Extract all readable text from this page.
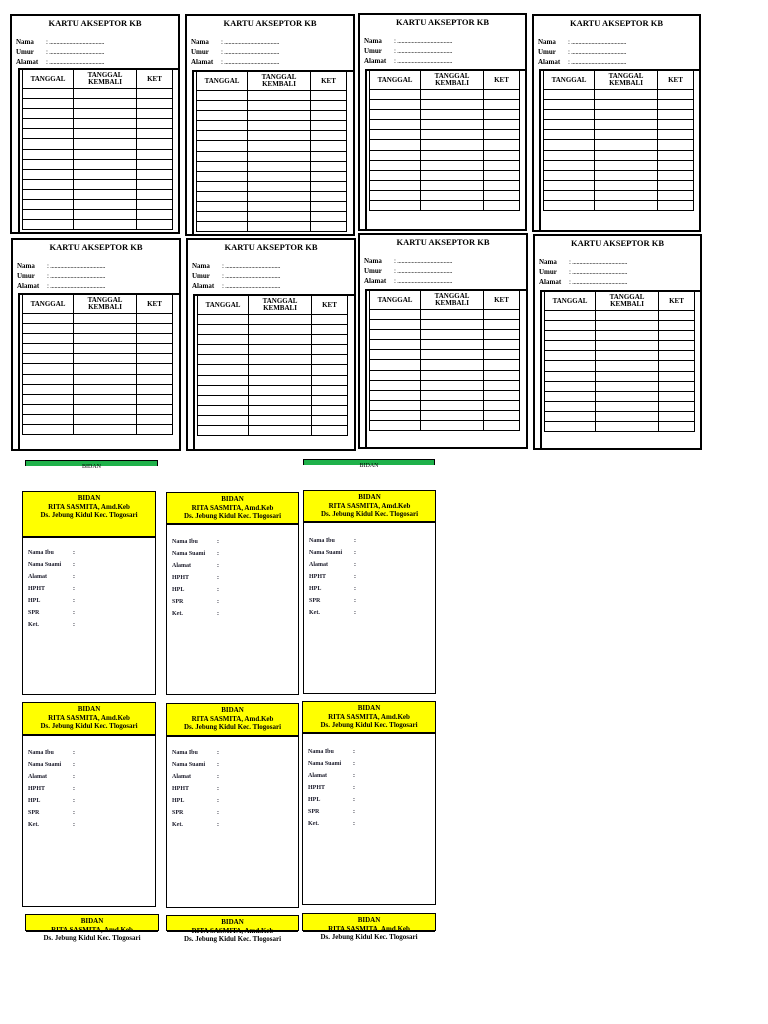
KARTU AKSEPTOR KB
Nama : ......................................
Umur : ......................................
Alamat : ......................................
TANGGAL	TANGGAL KEMBALI	KET

KARTU AKSEPTOR KB
Nama : ......................................
Umur : ......................................
Alamat : ......................................
TANGGAL	TANGGAL KEMBALI	KET

KARTU AKSEPTOR KB
Nama : ......................................
Umur : ......................................
Alamat : ......................................
TANGGAL	TANGGAL KEMBALI	KET

KARTU AKSEPTOR KB
Nama : ......................................
Umur : ......................................
Alamat : ......................................
TANGGAL	TANGGAL KEMBALI	KET

KARTU AKSEPTOR KB
Nama : ......................................
Umur : ......................................
Alamat : ......................................
TANGGAL	TANGGAL KEMBALI	KET

KARTU AKSEPTOR KB
Nama : ......................................
Umur : ......................................
Alamat : ......................................
TANGGAL	TANGGAL KEMBALI	KET

KARTU AKSEPTOR KB
Nama : ......................................
Umur : ......................................
Alamat : ......................................
TANGGAL	TANGGAL KEMBALI	KET

KARTU AKSEPTOR KB
Nama : ......................................
Umur : ......................................
Alamat : ......................................
TANGGAL	TANGGAL KEMBALI	KET

BIDAN	BIDAN
BIDAN
RITA SASMITA, Amd.Keb
Ds. Jebung Kidul Kec. Tlogosari
Nama Ibu	:
Nama Suami :
Alamat	:
HPHT	:
HPL	:
SPR	:
Ket.	:
BIDAN
RITA SASMITA, Amd.Keb
Ds. Jebung Kidul Kec. Tlogosari
Nama Ibu	:
Nama Suami :
Alamat	:
HPHT	:
HPL	:
SPR	:
Ket.	:
BIDAN
RITA SASMITA, Amd.Keb
Ds. Jebung Kidul Kec. Tlogosari
Nama Ibu	:
Nama Suami :
Alamat	:
HPHT	:
HPL	:
SPR	:
Ket.	:
BIDAN
RITA SASMITA, Amd.Keb
Ds. Jebung Kidul Kec. Tlogosari
Nama Ibu	:
Nama Suami :
Alamat	:
HPHT	:
HPL	:
SPR	:
Ket.	:
BIDAN
RITA SASMITA, Amd.Keb
Ds. Jebung Kidul Kec. Tlogosari
Nama Ibu	:
Nama Suami :
Alamat	:
HPHT	:
HPL	:
SPR	:
Ket.	:
BIDAN
RITA SASMITA, Amd.Keb
Ds. Jebung Kidul Kec. Tlogosari
Nama Ibu	:
Nama Suami :
Alamat	:
HPHT	:
HPL	:
SPR	:
Ket.	:
BIDAN
RITA SASMITA, Amd.Keb
Ds. Jebung Kidul Kec. Tlogosari
BIDAN
RITA SASMITA, Amd.Keb
Ds. Jebung Kidul Kec. Tlogosari
BIDAN
RITA SASMITA, Amd.Keb
Ds. Jebung Kidul Kec. Tlogosari
